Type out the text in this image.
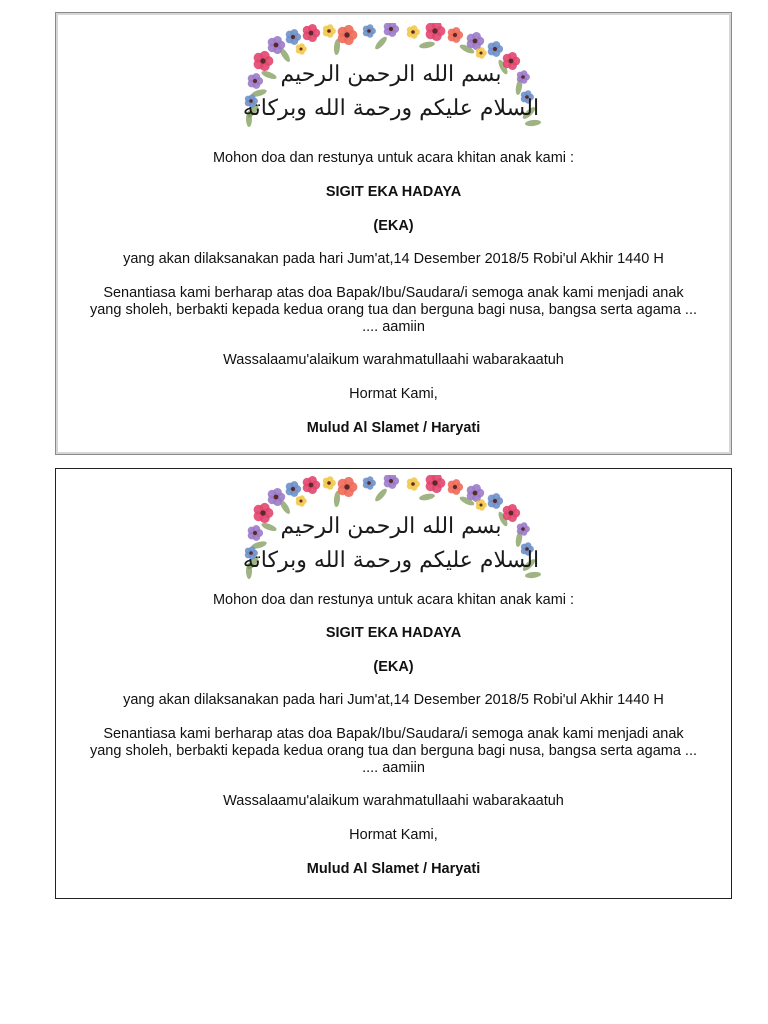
بسم الله الرحمن الرحيم
السلام عليكم ورحمة الله وبركاته
Mohon doa dan restunya untuk acara khitan anak kami :
SIGIT EKA HADAYA
(EKA)
yang akan dilaksanakan pada hari Jum'at,14 Desember 2018/5 Robi'ul Akhir 1440 H
Senantiasa kami berharap atas doa Bapak/Ibu/Saudara/i semoga anak kami menjadi anak yang sholeh, berbakti kepada kedua orang tua dan berguna bagi nusa, bangsa serta agama ... .... aamiin
Wassalaamu'alaikum warahmatullaahi wabarakaatuh
Hormat Kami,
Mulud Al Slamet / Haryati
بسم الله الرحمن الرحيم
السلام عليكم ورحمة الله وبركاته
Mohon doa dan restunya untuk acara khitan anak kami :
SIGIT EKA HADAYA
(EKA)
yang akan dilaksanakan pada hari Jum'at,14 Desember 2018/5 Robi'ul Akhir 1440 H
Senantiasa kami berharap atas doa Bapak/Ibu/Saudara/i semoga anak kami menjadi anak yang sholeh, berbakti kepada kedua orang tua dan berguna bagi nusa, bangsa serta agama ... .... aamiin
Wassalaamu'alaikum warahmatullaahi wabarakaatuh
Hormat Kami,
Mulud Al Slamet / Haryati
